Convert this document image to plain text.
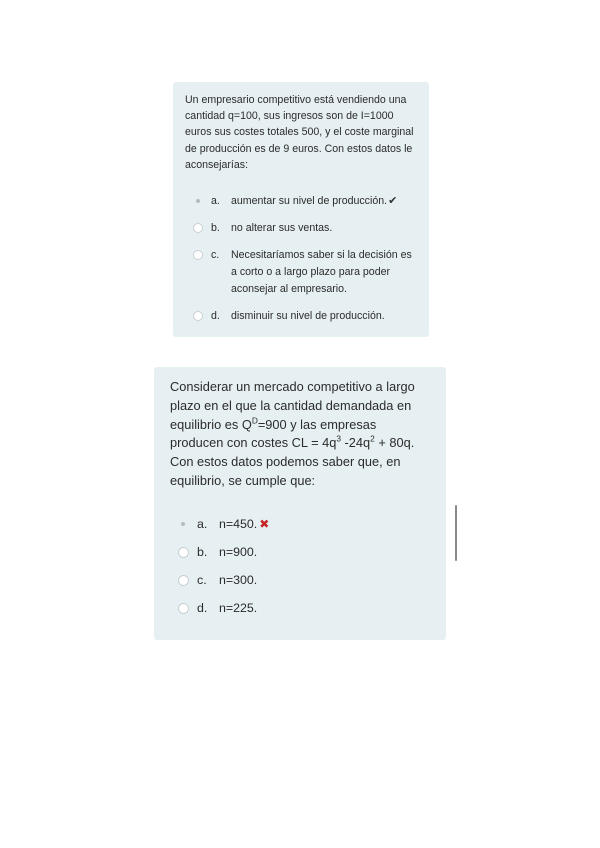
Un empresario competitivo está vendiendo una cantidad q=100, sus ingresos son de I=1000 euros sus costes totales 500, y el coste marginal de producción es de 9 euros. Con estos datos le aconsejarías:

a.	aumentar su nivel de producción.✔
b.	no alterar sus ventas.
c.	Necesitaríamos saber si la decisión es a corto o a largo plazo para poder aconsejar al empresario.
d.	disminuir su nivel de producción.

Considerar un mercado competitivo a largo plazo en el que la cantidad demandada en equilibrio es $Q^D=900$ y las empresas producen con costes CL = $4q^3$ $-24q^2 + 80q$. Con estos datos podemos saber que, en equilibrio, se cumple que:

a. n=450. ✖
b. n=900.
c. n=300.
d. n=225.
